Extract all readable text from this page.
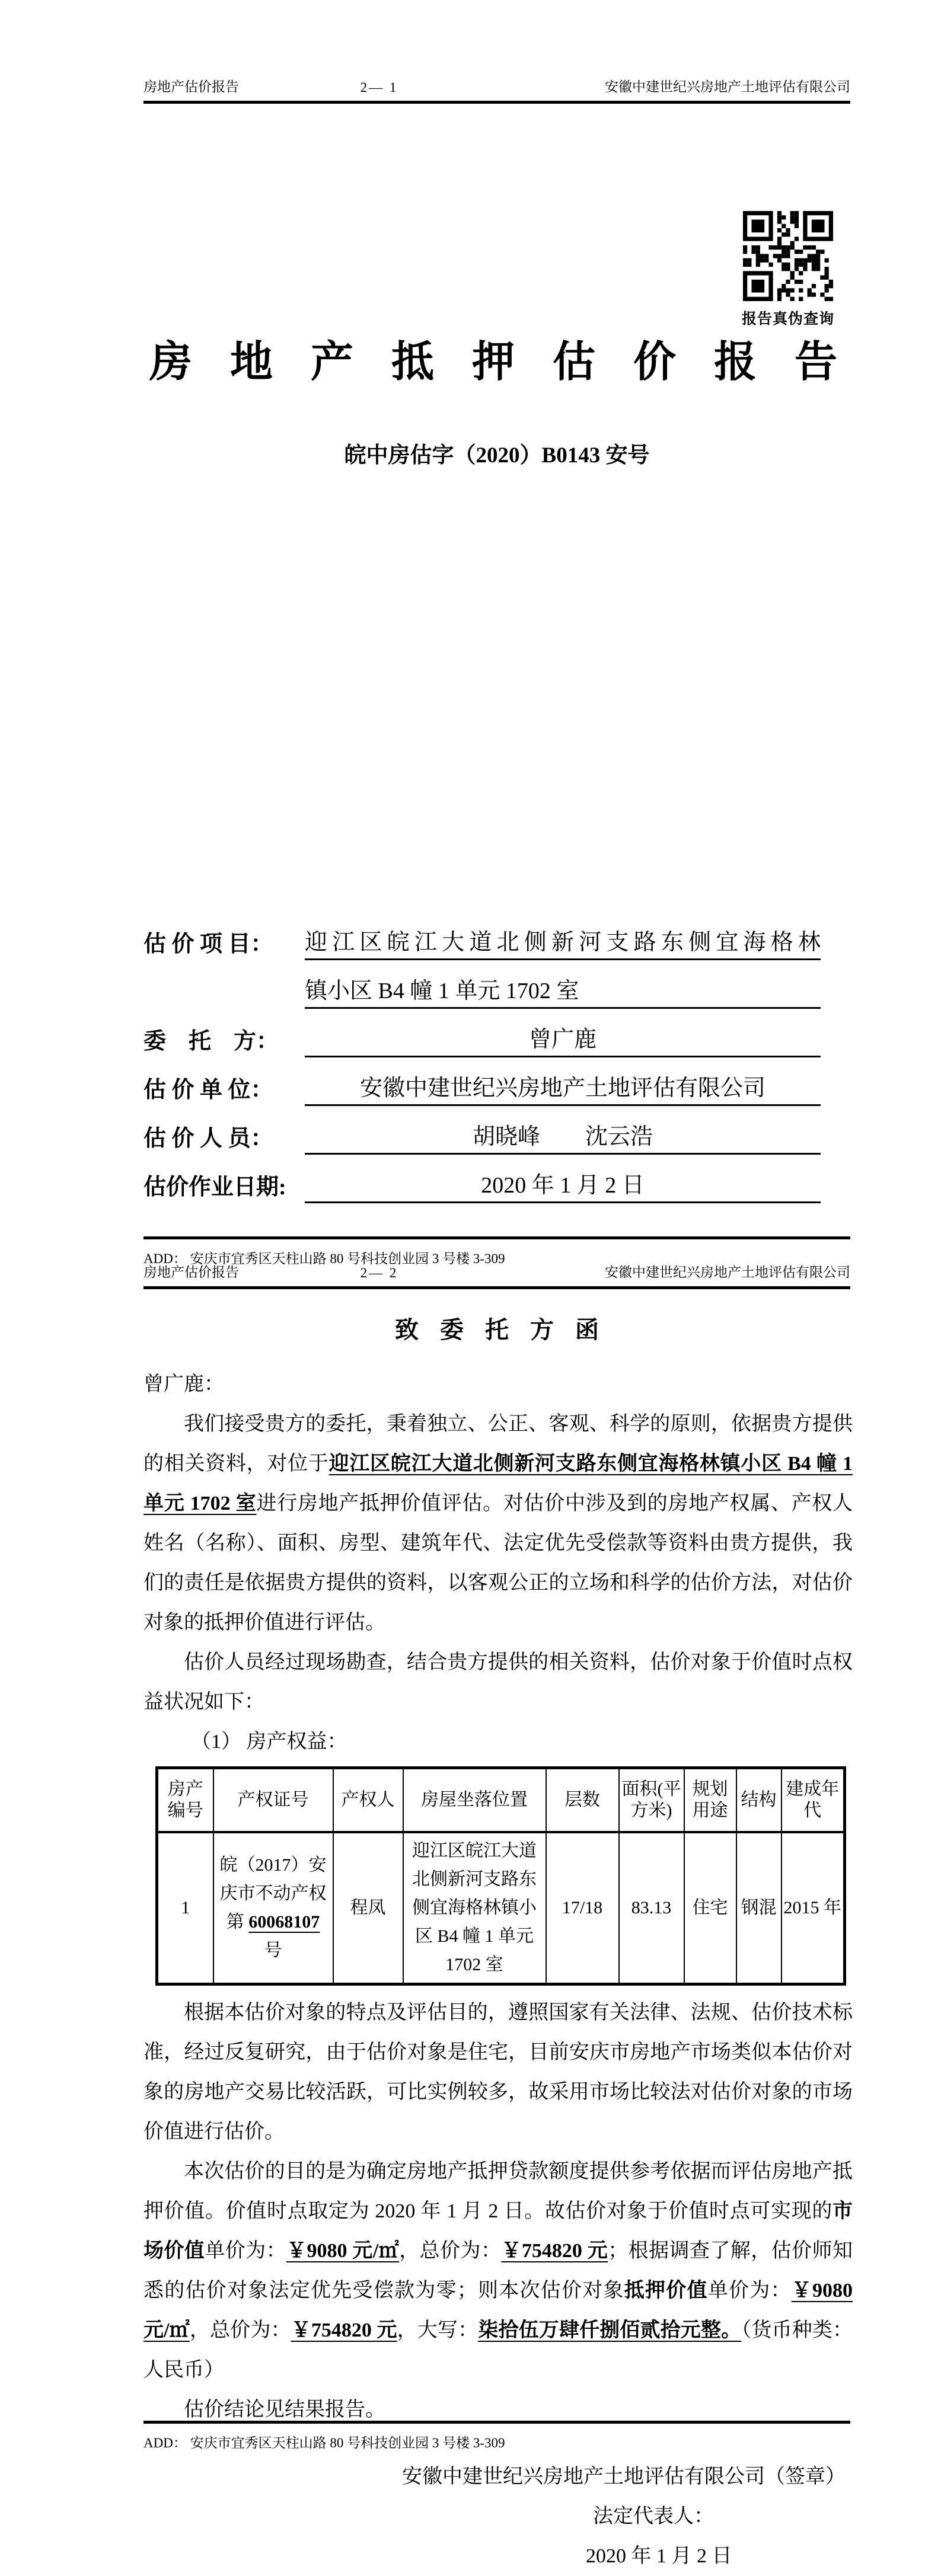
房地产估价报告	2— 1	安徽中建世纪兴房地产土地评估有限公司
报告真伪查询
房 地 产 抵 押 估 价 报 告
皖中房估字（2020）B0143 安号
估 价 项 目：	迎江区皖江大道北侧新河支路东侧宜海格林
镇小区 B4 幢 1 单元 1702 室
委　托　方：	曾广鹿
估 价 单 位：	安徽中建世纪兴房地产土地评估有限公司
估 价 人 员：	胡晓峰　　沈云浩
估价作业日期:	2020 年 1 月 2 日
ADD： 安庆市宜秀区天柱山路 80 号科技创业园 3 号楼 3-309
房地产估价报告	2— 2	安徽中建世纪兴房地产土地评估有限公司
致 委 托 方 函

曾广鹿：

我们接受贵方的委托，秉着独立、公正、客观、科学的原则，依据贵方提供的相关资料，对位于迎江区皖江大道北侧新河支路东侧宜海格林镇小区 B4 幢 1 单元 1702 室进行房地产抵押价值评估。对估价中涉及到的房地产权属、产权人姓名（名称）、面积、房型、建筑年代、法定优先受偿款等资料由贵方提供，我们的责任是依据贵方提供的资料，以客观公正的立场和科学的估价方法，对估价对象的抵押价值进行评估。

估价人员经过现场勘查，结合贵方提供的相关资料，估价对象于价值时点权益状况如下：

（1） 房产权益：

房产编号	产权证号	产权人	房屋坐落位置	层数	面积(平方米)	规划用途	结构	建成年代
1	皖（2017）安庆市不动产权第 60068107 号	程凤	迎江区皖江大道北侧新河支路东侧宜海格林镇小区 B4 幢 1 单元 1702 室	17/18	83.13	住宅	钢混	2015 年

根据本估价对象的特点及评估目的，遵照国家有关法律、法规、估价技术标准，经过反复研究，由于估价对象是住宅，目前安庆市房地产市场类似本估价对象的房地产交易比较活跃，可比实例较多，故采用市场比较法对估价对象的市场价值进行估价。

本次估价的目的是为确定房地产抵押贷款额度提供参考依据而评估房地产抵押价值。价值时点取定为 2020 年 1 月 2 日。故估价对象于价值时点可实现的市场价值单价为：￥9080 元/㎡，总价为：￥754820 元；根据调查了解，估价师知悉的估价对象法定优先受偿款为零；则本次估价对象抵押价值单价为：￥9080 元/㎡，总价为：￥754820 元，大写：柒拾伍万肆仟捌佰贰拾元整。（货币种类：人民币）

估价结论见结果报告。

安徽中建世纪兴房地产土地评估有限公司（签章）
法定代表人：
2020 年 1 月 2 日
ADD： 安庆市宜秀区天柱山路 80 号科技创业园 3 号楼 3-309
